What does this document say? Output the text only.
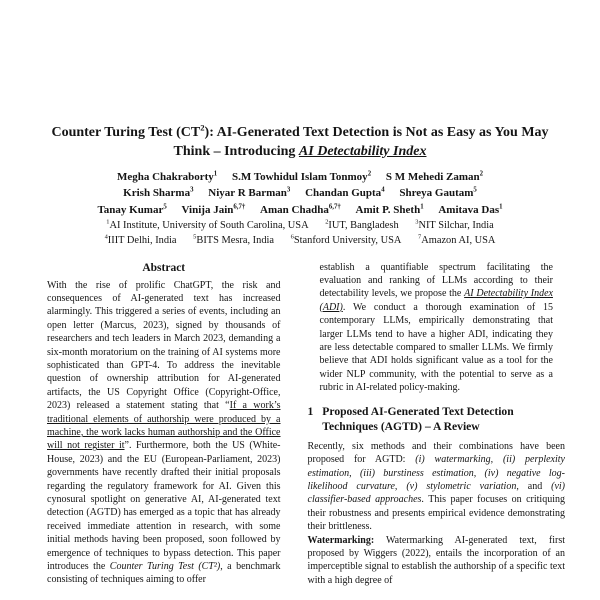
Counter Turing Test $(CT^2)$: AI-Generated Text Detection is Not as Easy as You May Think – Introducing AI Detectability Index
Megha Chakraborty$^1$ S.M Towhidul Islam Tonmoy$^2$ S M Mehedi Zaman$^2$
Krish Sharma$^3$ Niyar R Barman$^3$ Chandan Gupta$^4$ Shreya Gautam$^5$
Tanay Kumar$^5$ Vinija Jain$^{6,7\dagger}$ Aman Chadha$^{6,7\dagger}$ Amit P. Sheth$^1$ Amitava Das$^1$
$^1$AI Institute, University of South Carolina, USA	$^2$IUT, Bangladesh	$^3$NIT Silchar, India
$^4$IIIT Delhi, India	$^5$BITS Mesra, India	$^6$Stanford University, USA	$^7$Amazon AI, USA
Abstract

With the rise of prolific ChatGPT, the risk and consequences of AI-generated text has increased alarmingly. This triggered a series of events, including an open letter (Marcus, 2023), signed by thousands of researchers and tech leaders in March 2023, demanding a six-month moratorium on the training of AI systems more sophisticated than GPT-4. To address the inevitable question of ownership attribution for AI-generated artifacts, the US Copyright Office (Copyright-Office, 2023) released a statement stating that “If a work’s traditional elements of authorship were produced by a machine, the work lacks human authorship and the Office will not register it”. Furthermore, both the US (White-House, 2023) and the EU (European-Parliament, 2023) governments have recently drafted their initial proposals regarding the regulatory framework for AI. Given this cynosural spotlight on generative AI, AI-generated text detection (AGTD) has emerged as a topic that has already received immediate attention in research, with some initial methods having been proposed, soon followed by emergence of techniques to bypass detection. This paper introduces the Counter Turing Test (CT²), a benchmark consisting of techniques aiming to offer

establish a quantifiable spectrum facilitating the evaluation and ranking of LLMs according to their detectability levels, we propose the AI Detectability Index (ADI). We conduct a thorough examination of 15 contemporary LLMs, empirically demonstrating that larger LLMs tend to have a higher ADI, indicating they are less detectable compared to smaller LLMs. We firmly believe that ADI holds significant value as a tool for the wider NLP community, with the potential to serve as a rubric in AI-related policy-making.

1 Proposed AI-Generated Text Detection Techniques (AGTD) – A Review

Recently, six methods and their combinations have been proposed for AGTD: (i) watermarking, (ii) perplexity estimation, (iii) burstiness estimation, (iv) negative log-likelihood curvature, (v) stylometric variation, and (vi) classifier-based approaches. This paper focuses on critiquing their robustness and presents empirical evidence demonstrating their brittleness.

Watermarking: Watermarking AI-generated text, first proposed by Wiggers (2022), entails the incorporation of an imperceptible signal to establish the authorship of a specific text with a high degree of
